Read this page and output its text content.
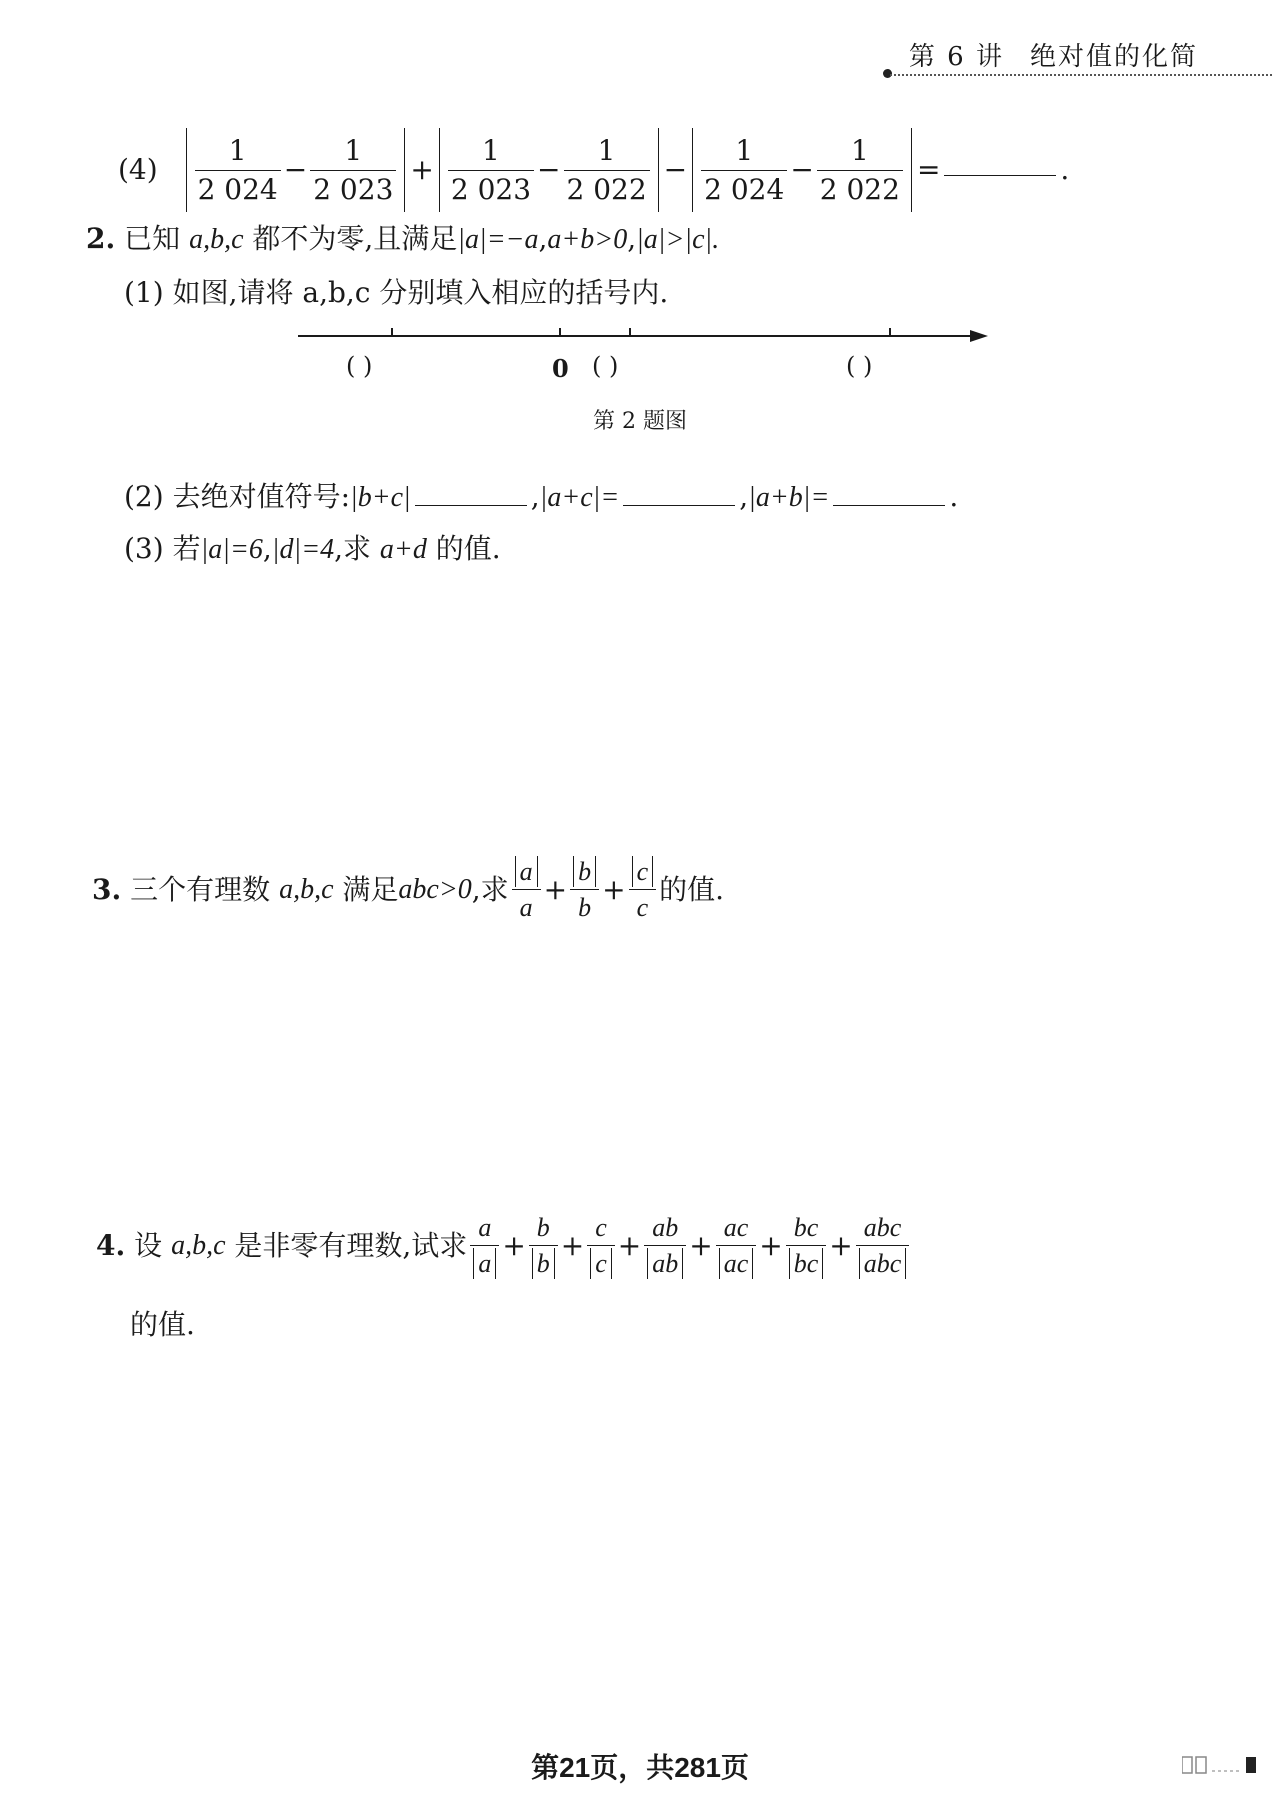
第 6 讲 绝对值的化简
$(4) \frac{1}{2 024} - \frac{1}{2 023} + \frac{1}{2 023} - \frac{1}{2 022} - \frac{1}{2 024} - \frac{1}{2 022}$ =	.
2. 已知 a,b,c 都不为零,且满足|a|=−a,a+b>0,|a|>|c|.
(1) 如图,请将 a,b,c 分别填入相应的括号内.
( )	0 ( )	( )
第 2 题图
(2) 去绝对值符号:|b+c|	,|a+c|=	,|a+b|=	.
(3) 若|a|=6,|d|=4,求 a+d 的值.
3. 三个有理数 a,b,c 满足abc>0,求 $\frac{a}{a} + \frac{b}{b} + \frac{c}{c}$ 的值.
4. 设 a,b,c 是非零有理数,试求 $\frac{a}{a} + \frac{b}{b} + \frac{c}{c} + \frac{ab}{ab} + \frac{ac}{ac} + \frac{bc}{bc} + \frac{\text{abc}}{\text{abc}}$
的值.
第21页，共281页
